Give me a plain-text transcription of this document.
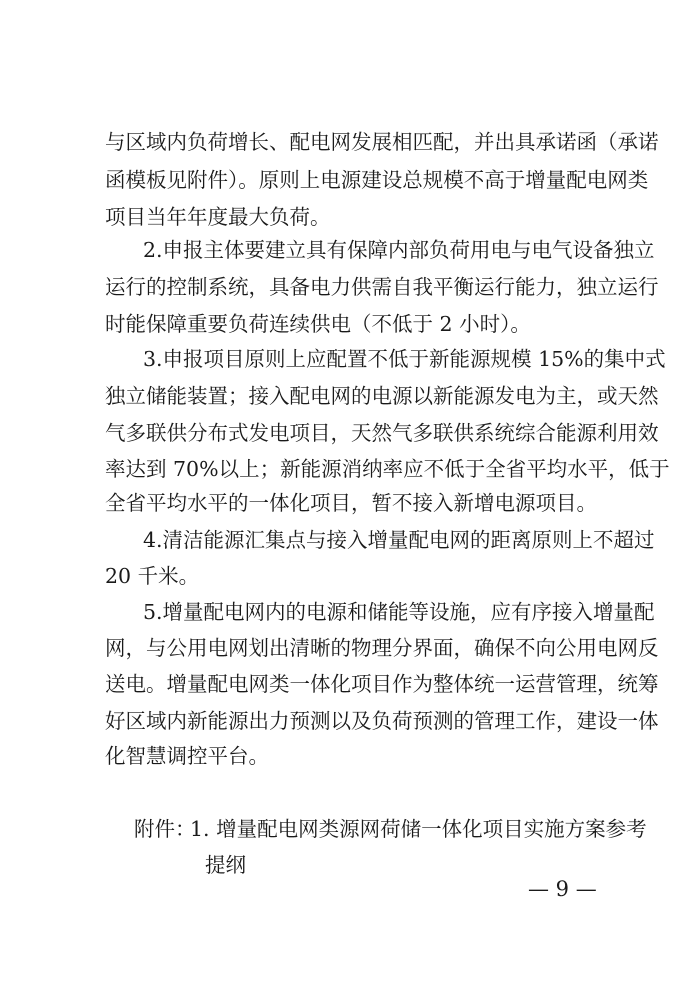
与区域内负荷增长、配电网发展相匹配，并出具承诺函（承诺
函模板见附件）。原则上电源建设总规模不高于增量配电网类
项目当年年度最大负荷。
2.申报主体要建立具有保障内部负荷用电与电气设备独立
运行的控制系统，具备电力供需自我平衡运行能力，独立运行
时能保障重要负荷连续供电（不低于 2 小时）。
3.申报项目原则上应配置不低于新能源规模 15%的集中式
独立储能装置；接入配电网的电源以新能源发电为主，或天然
气多联供分布式发电项目，天然气多联供系统综合能源利用效
率达到 70%以上；新能源消纳率应不低于全省平均水平，低于
全省平均水平的一体化项目，暂不接入新增电源项目。
4.清洁能源汇集点与接入增量配电网的距离原则上不超过
20 千米。
5.增量配电网内的电源和储能等设施，应有序接入增量配
网，与公用电网划出清晰的物理分界面，确保不向公用电网反
送电。增量配电网类一体化项目作为整体统一运营管理，统筹
好区域内新能源出力预测以及负荷预测的管理工作，建设一体
化智慧调控平台。
附件：
1. 增量配电网类源网荷储一体化项目实施方案参考
提纲
— 9 —
